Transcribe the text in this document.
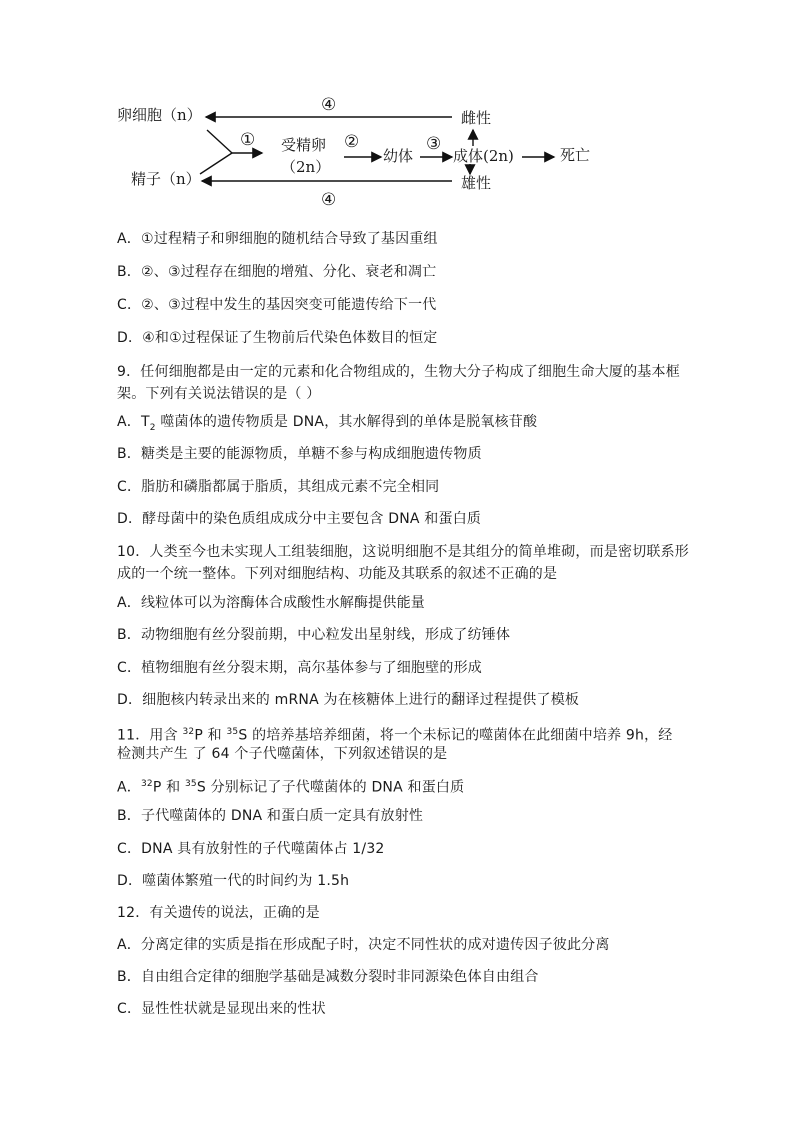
卵细胞（n）
精子（n）
① 受精卵
（2n）
②
幼体
③
成体(2n)	死亡
雌性
雄性
④
④
A．①过程精子和卵细胞的随机结合导致了基因重组
B．②、③过程存在细胞的增殖、分化、衰老和凋亡
C．②、③过程中发生的基因突变可能遗传给下一代
D．④和①过程保证了生物前后代染色体数目的恒定
9．任何细胞都是由一定的元素和化合物组成的，生物大分子构成了细胞生命大厦的基本框架。下列有关说法错误的是（ ）
A．$T_2$ 噬菌体的遗传物质是 DNA，其水解得到的单体是脱氧核苷酸
B．糖类是主要的能源物质，单糖不参与构成细胞遗传物质
C．脂肪和磷脂都属于脂质，其组成元素不完全相同
D．酵母菌中的染色质组成成分中主要包含 DNA 和蛋白质
10．人类至今也未实现人工组装细胞，这说明细胞不是其组分的简单堆砌，而是密切联系形成的一个统一整体。下列对细胞结构、功能及其联系的叙述不正确的是
A．线粒体可以为溶酶体合成酸性水解酶提供能量
B．动物细胞有丝分裂前期，中心粒发出星射线，形成了纺锤体
C．植物细胞有丝分裂末期，高尔基体参与了细胞壁的形成
D．细胞核内转录出来的 mRNA 为在核糖体上进行的翻译过程提供了模板
11．用含 $^{32}$P 和 $^{35}$S 的培养基培养细菌，将一个未标记的噬菌体在此细菌中培养 9h，经
检测共产生 了 64 个子代噬菌体，下列叙述错误的是
A．$^{32}$P 和 $^{35}$S 分别标记了子代噬菌体的 DNA 和蛋白质
B．子代噬菌体的 DNA 和蛋白质一定具有放射性
C．DNA 具有放射性的子代噬菌体占 1/32
D．噬菌体繁殖一代的时间约为 1.5h
12．有关遗传的说法，正确的是
A．分离定律的实质是指在形成配子时，决定不同性状的成对遗传因子彼此分离
B．自由组合定律的细胞学基础是减数分裂时非同源染色体自由组合
C．显性性状就是显现出来的性状
